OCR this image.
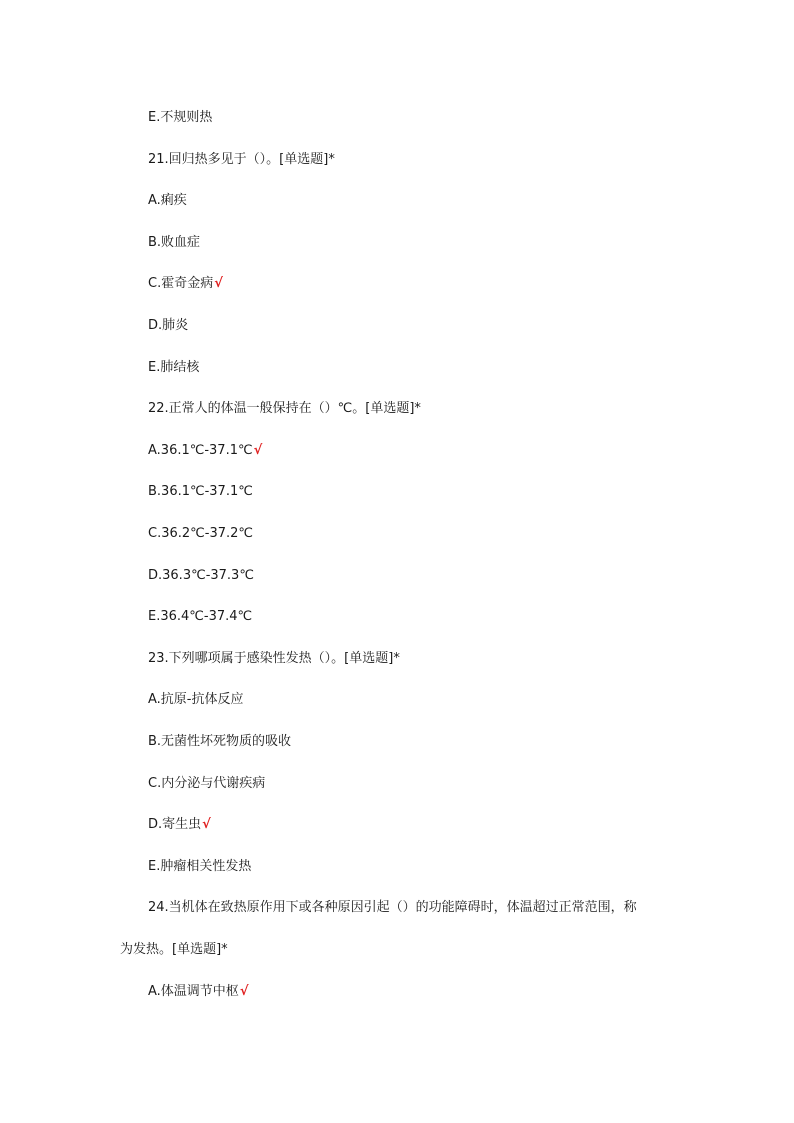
E.不规则热
21.回归热多见于（）。[单选题]*
A.痢疾
B.败血症
C.霍奇金病√
D.肺炎
E.肺结核
22.正常人的体温一般保持在（）℃。[单选题]*
A.36.1℃-37.1℃√
B.36.1℃-37.1℃
C.36.2℃-37.2℃
D.36.3℃-37.3℃
E.36.4℃-37.4℃
23.下列哪项属于感染性发热（）。[单选题]*
A.抗原-抗体反应
B.无菌性坏死物质的吸收
C.内分泌与代谢疾病
D.寄生虫√
E.肿瘤相关性发热
24.当机体在致热原作用下或各种原因引起（）的功能障碍时，体温超过正常范围，称
为发热。[单选题]*
A.体温调节中枢√
